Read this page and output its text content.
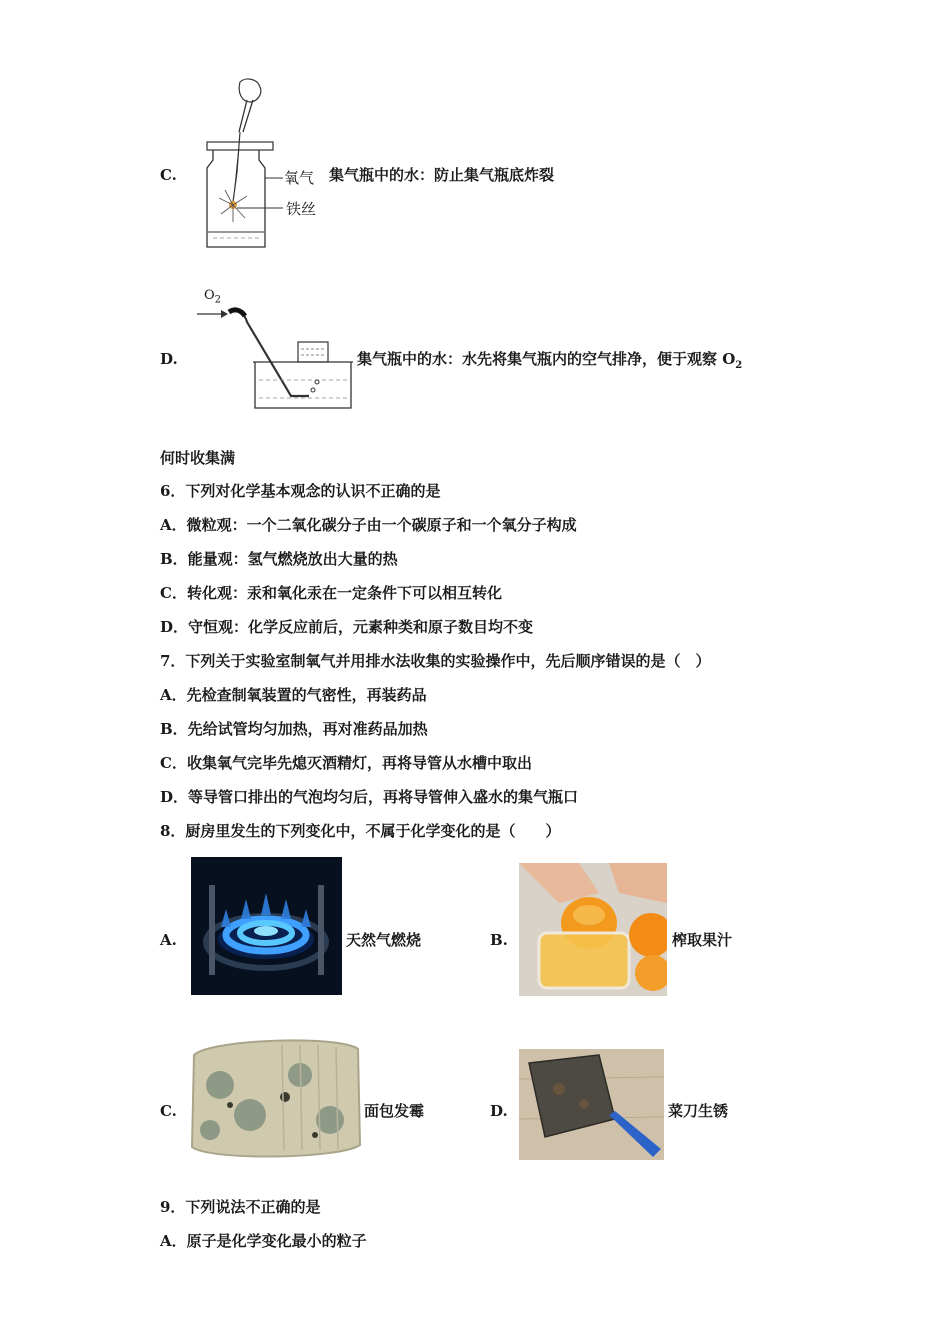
C.	氧气
铁丝
集气瓶中的水：防止集气瓶底炸裂
D.
$O_2$
集气瓶中的水：水先将集气瓶内的空气排净，便于观察 $O_2$
何时收集满
6．下列对化学基本观念的认识不正确的是
A．微粒观：一个二氧化碳分子由一个碳原子和一个氧分子构成
B．能量观：氢气燃烧放出大量的热
C．转化观：汞和氧化汞在一定条件下可以相互转化
D．守恒观：化学反应前后，元素种类和原子数目均不变
7．下列关于实验室制氧气并用排水法收集的实验操作中，先后顺序错误的是（　）
A．先检查制氧装置的气密性，再装药品
B．先给试管均匀加热，再对准药品加热
C．收集氧气完毕先熄灭酒精灯，再将导管从水槽中取出
D．等导管口排出的气泡均匀后，再将导管伸入盛水的集气瓶口
8．厨房里发生的下列变化中，不属于化学变化的是（　　）
A.	天然气燃烧	B.	榨取果汁
C.	面包发霉	D.	菜刀生锈
9．下列说法不正确的是
A．原子是化学变化最小的粒子
